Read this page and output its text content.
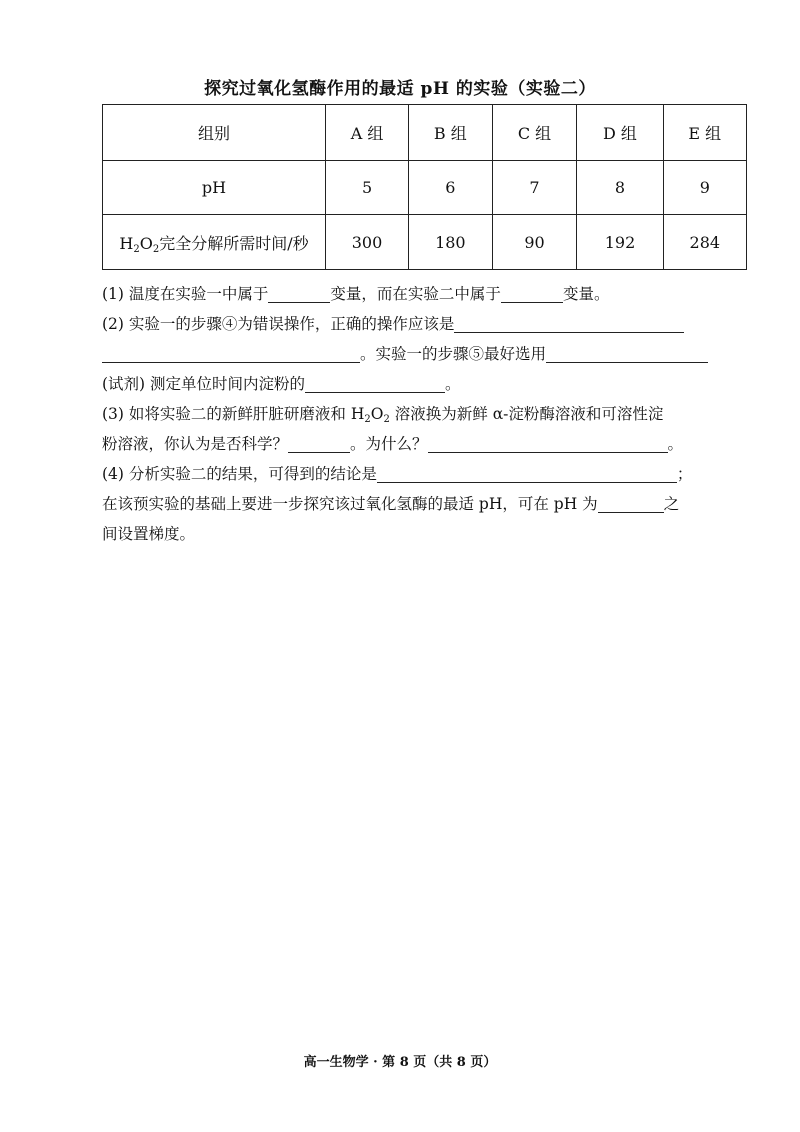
探究过氧化氢酶作用的最适 pH 的实验（实验二）
组别	A 组	B 组	C 组	D 组	E 组
pH	5	6	7	8	9
$H_2O_2$完全分解所需时间/秒	300	180	90	192	284
(1) 温度在实验一中属于	变量，而在实验二中属于	变量。
(2) 实验一的步骤④为错误操作，正确的操作应该是
。实验一的步骤⑤最好选用
(试剂) 测定单位时间内淀粉的	。
(3) 如将实验二的新鲜肝脏研磨液和 $H_2O_2$ 溶液换为新鲜 α-淀粉酶溶液和可溶性淀
粉溶液，你认为是否科学？	。为什么？	。
(4) 分析实验二的结果，可得到的结论是	；
在该预实验的基础上要进一步探究该过氧化氢酶的最适 pH，可在 pH 为	之
间设置梯度。
高一生物学 · 第 8 页（共 8 页）
